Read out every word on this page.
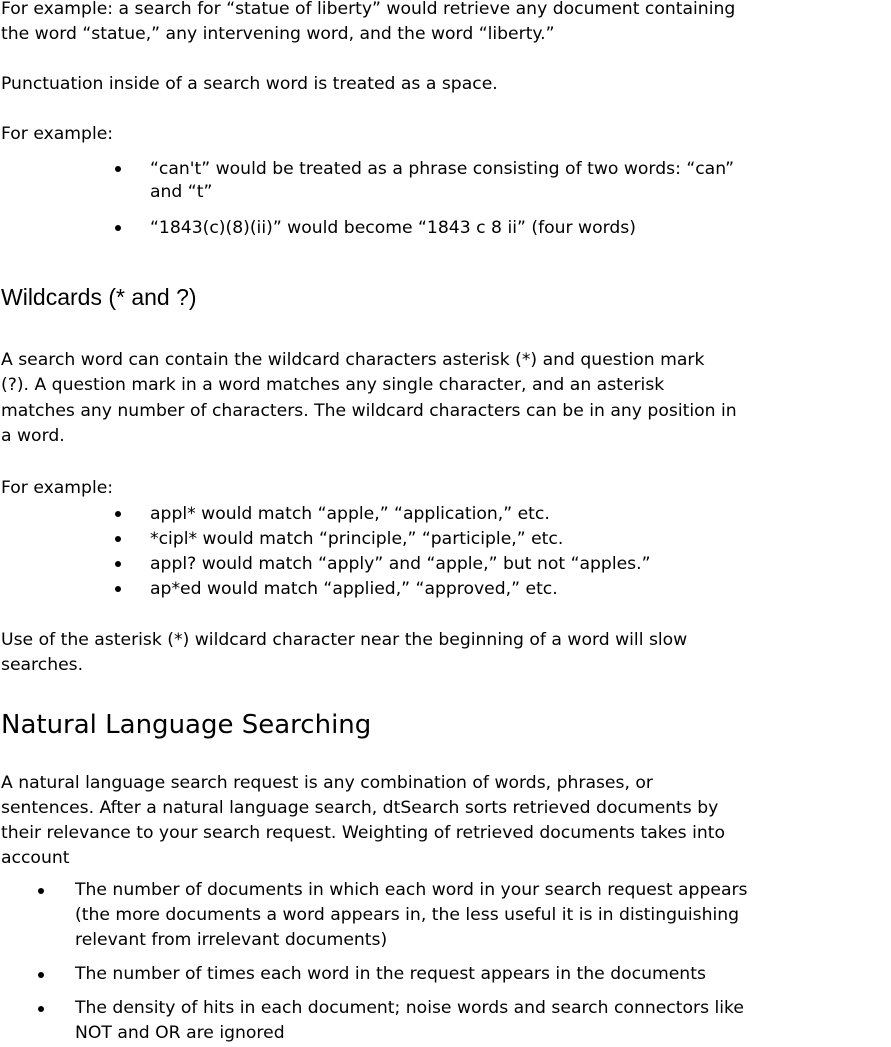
For example: a search for “statue of liberty” would retrieve any document containing
the word “statue,” any intervening word, and the word “liberty.”
Punctuation inside of a search word is treated as a space.
For example:
“can't” would be treated as a phrase consisting of two words: “can”
and “t”
“1843(c)(8)(ii)” would become “1843 c 8 ii” (four words)
Wildcards (* and ?)
A search word can contain the wildcard characters asterisk (*) and question mark
(?). A question mark in a word matches any single character, and an asterisk
matches any number of characters. The wildcard characters can be in any position in
a word.
For example:
appl* would match “apple,” “application,” etc.
*cipl* would match “principle,” “participle,” etc.
appl? would match “apply” and “apple,” but not “apples.”
ap*ed would match “applied,” “approved,” etc.
Use of the asterisk (*) wildcard character near the beginning of a word will slow
searches.
Natural Language Searching
A natural language search request is any combination of words, phrases, or
sentences. After a natural language search, dtSearch sorts retrieved documents by
their relevance to your search request. Weighting of retrieved documents takes into
account
The number of documents in which each word in your search request appears
(the more documents a word appears in, the less useful it is in distinguishing
relevant from irrelevant documents)
The number of times each word in the request appears in the documents
The density of hits in each document; noise words and search connectors like
NOT and OR are ignored
